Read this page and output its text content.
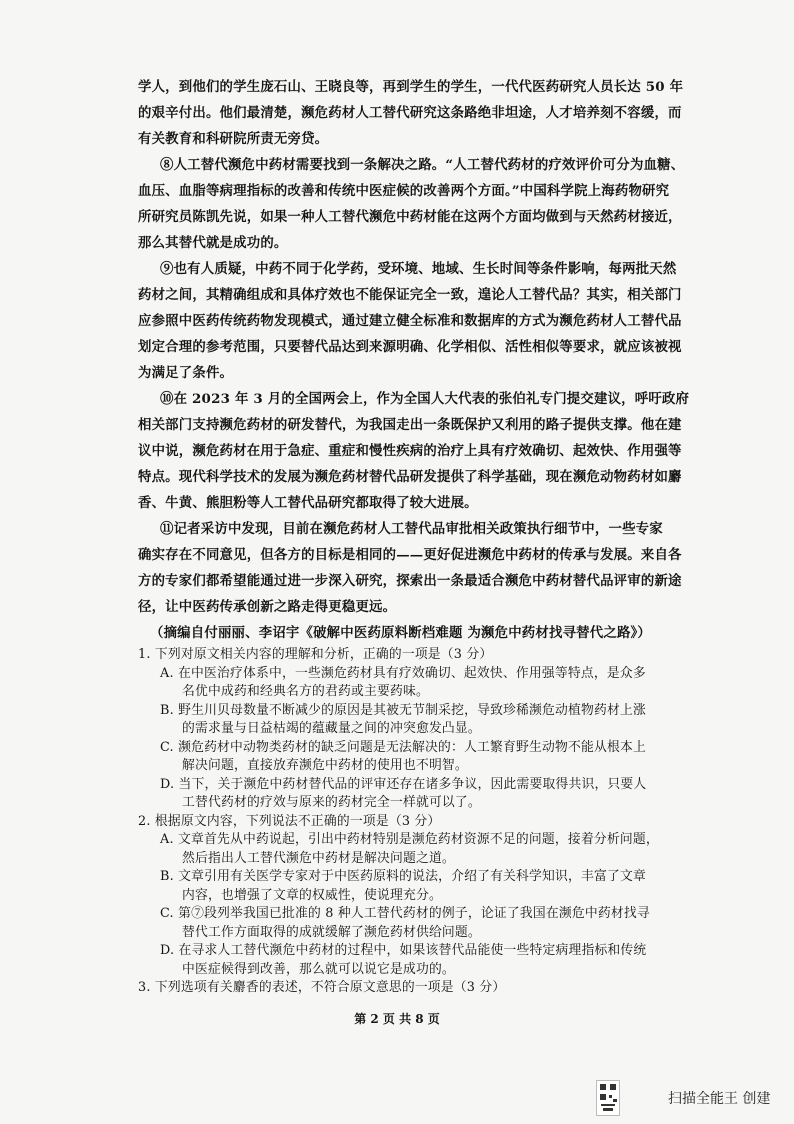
学人，到他们的学生庞石山、王晓良等，再到学生的学生，一代代医药研究人员长达 50 年
的艰辛付出。他们最清楚，濒危药材人工替代研究这条路绝非坦途，人才培养刻不容缓，而
有关教育和科研院所责无旁贷。
⑧人工替代濒危中药材需要找到一条解决之路。“人工替代药材的疗效评价可分为血糖、
血压、血脂等病理指标的改善和传统中医症候的改善两个方面。”中国科学院上海药物研究
所研究员陈凯先说，如果一种人工替代濒危中药材能在这两个方面均做到与天然药材接近，
那么其替代就是成功的。
⑨也有人质疑，中药不同于化学药，受环境、地域、生长时间等条件影响，每两批天然
药材之间，其精确组成和具体疗效也不能保证完全一致，遑论人工替代品？其实，相关部门
应参照中医药传统药物发现模式，通过建立健全标准和数据库的方式为濒危药材人工替代品
划定合理的参考范围，只要替代品达到来源明确、化学相似、活性相似等要求，就应该被视
为满足了条件。
⑩在 2023 年 3 月的全国两会上，作为全国人大代表的张伯礼专门提交建议，呼吁政府
相关部门支持濒危药材的研发替代，为我国走出一条既保护又利用的路子提供支撑。他在建
议中说，濒危药材在用于急症、重症和慢性疾病的治疗上具有疗效确切、起效快、作用强等
特点。现代科学技术的发展为濒危药材替代品研发提供了科学基础，现在濒危动物药材如麝
香、牛黄、熊胆粉等人工替代品研究都取得了较大进展。
⑪记者采访中发现，目前在濒危药材人工替代品审批相关政策执行细节中，一些专家
确实存在不同意见，但各方的目标是相同的——更好促进濒危中药材的传承与发展。来自各
方的专家们都希望能通过进一步深入研究，探索出一条最适合濒危中药材替代品评审的新途
径，让中医药传承创新之路走得更稳更远。
（摘编自付丽丽、李诏宇《破解中医药原料断档难题 为濒危中药材找寻替代之路》）
1. 下列对原文相关内容的理解和分析，正确的一项是（3 分）
A. 在中医治疗体系中，一些濒危药材具有疗效确切、起效快、作用强等特点，是众多
名优中成药和经典名方的君药或主要药味。
B. 野生川贝母数量不断减少的原因是其被无节制采挖，导致珍稀濒危动植物药材上涨
的需求量与日益枯竭的蕴藏量之间的冲突愈发凸显。
C. 濒危药材中动物类药材的缺乏问题是无法解决的：人工繁育野生动物不能从根本上
解决问题，直接放弃濒危中药材的使用也不明智。
D. 当下，关于濒危中药材替代品的评审还存在诸多争议，因此需要取得共识，只要人
工替代药材的疗效与原来的药材完全一样就可以了。
2. 根据原文内容，下列说法不正确的一项是（3 分）
A. 文章首先从中药说起，引出中药材特别是濒危药材资源不足的问题，接着分析问题，
然后指出人工替代濒危中药材是解决问题之道。
B. 文章引用有关医学专家对于中医药原料的说法，介绍了有关科学知识，丰富了文章
内容，也增强了文章的权威性，使说理充分。
C. 第⑦段列举我国已批准的 8 种人工替代药材的例子，论证了我国在濒危中药材找寻
替代工作方面取得的成就缓解了濒危药材供给问题。
D. 在寻求人工替代濒危中药材的过程中，如果该替代品能使一些特定病理指标和传统
中医症候得到改善，那么就可以说它是成功的。
3. 下列选项有关麝香的表述，不符合原文意思的一项是（3 分）
第 2 页 共 8 页
扫描全能王 创建
